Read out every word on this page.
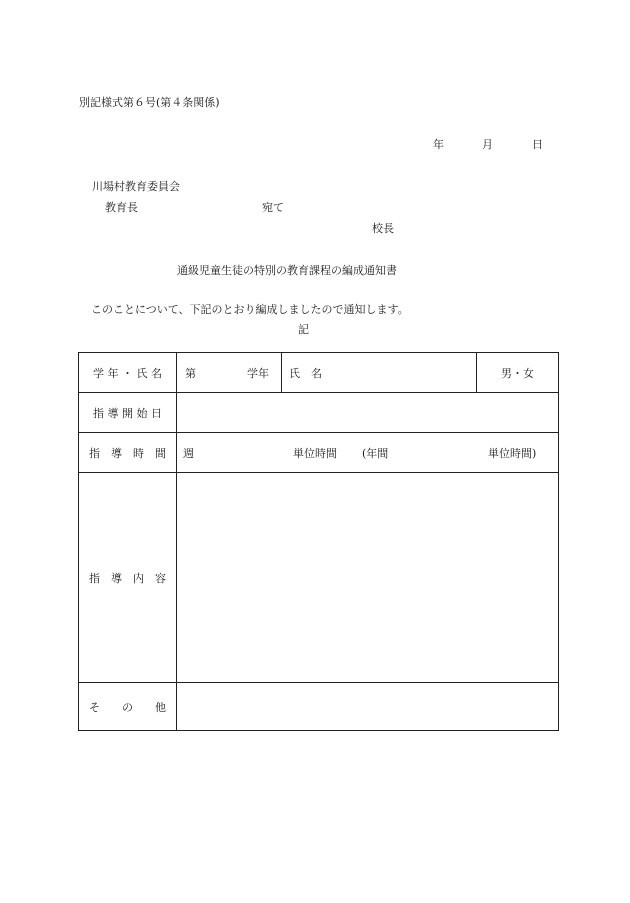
別記様式第６号(第４条関係)
年	月	日
川場村教育委員会
教育長	宛て
校長
通級児童生徒の特別の教育課程の編成通知書
このことについて、下記のとおり編成しましたので通知します。
記
学 年 ・ 氏 名	第 学年	氏　名	男・女
指 導 開 始 日			
指　導　時　間	週 単位時間 (年間 単位時間)		

指　導　内　容			
そ　　の　　他			
